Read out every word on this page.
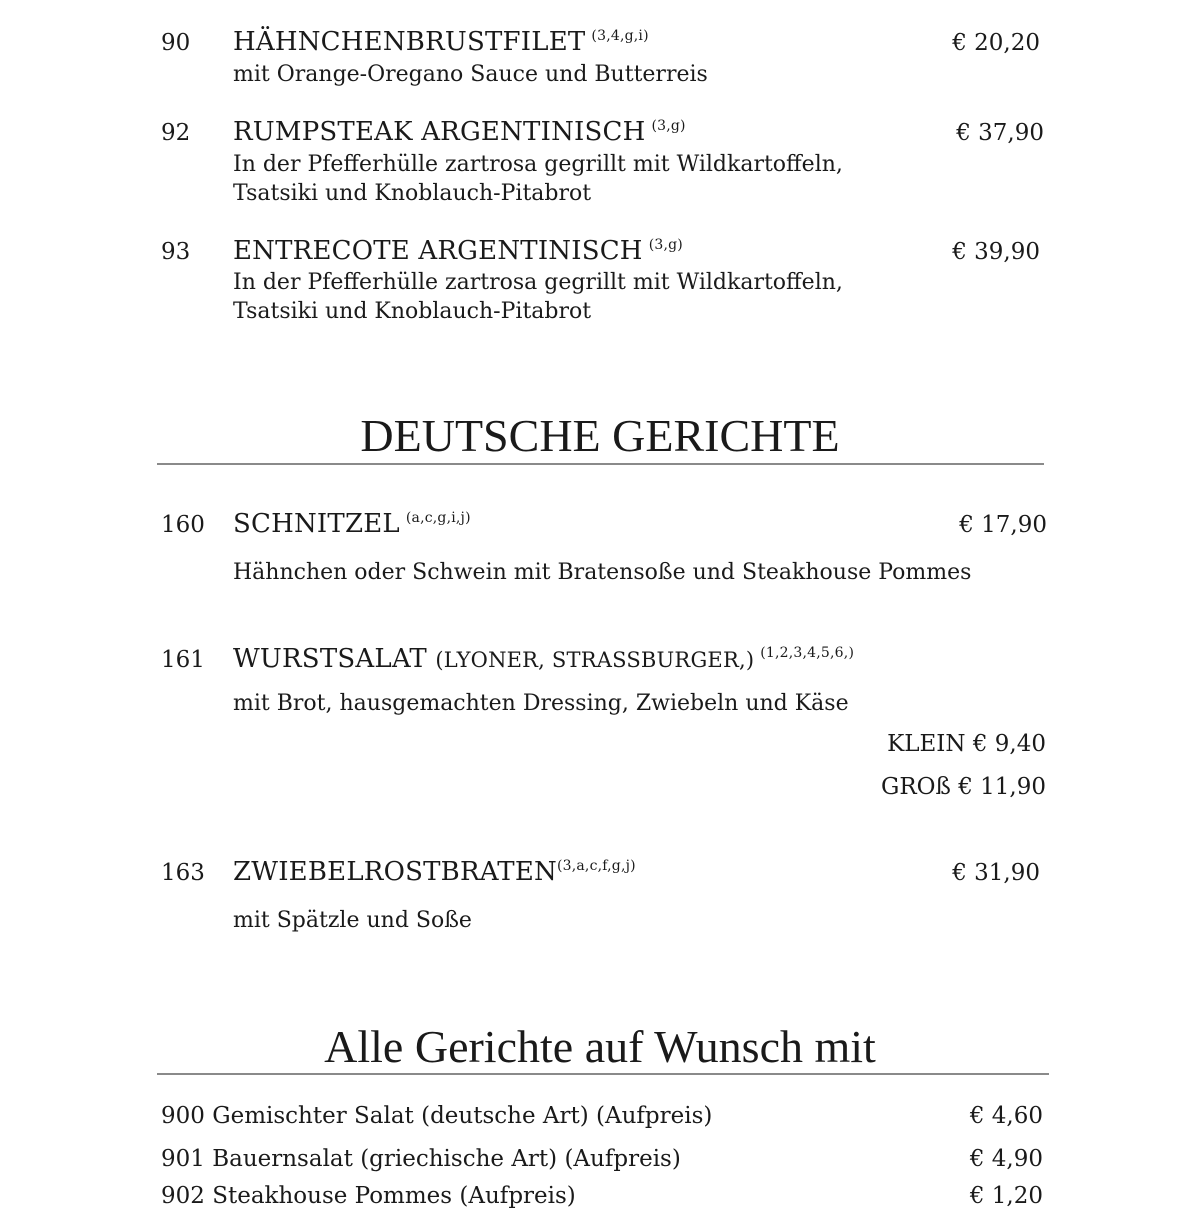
90 HÄHNCHENBRUSTFILET $^{(3,4,g,i)}$	€ 20,20
mit Orange-Oregano Sauce und Butterreis
92 RUMPSTEAK ARGENTINISCH $^{(3,g)}$	€ 37,90
In der Pfefferhülle zartrosa gegrillt mit Wildkartoffeln,
Tsatsiki und Knoblauch-Pitabrot
93 ENTRECOTE ARGENTINISCH $^{(3,g)}$	€ 39,90
In der Pfefferhülle zartrosa gegrillt mit Wildkartoffeln,
Tsatsiki und Knoblauch-Pitabrot
DEUTSCHE GERICHTE
160 SCHNITZEL $^{(a,c,g,i,j)}$	€ 17,90
Hähnchen oder Schwein mit Bratensoße und Steakhouse Pommes
161 WURSTSALAT (LYONER, STRASSBURGER,) $^{(1,2,3,4,5,6,)}$
mit Brot, hausgemachten Dressing, Zwiebeln und Käse
KLEIN € 9,40
GROß € 11,90
163 ZWIEBELROSTBRATEN$^{(3,a,c,f,g,j)}$	€ 31,90
mit Spätzle und Soße
Alle Gerichte auf Wunsch mit
900 Gemischter Salat (deutsche Art) (Aufpreis)	€ 4,60
901 Bauernsalat (griechische Art) (Aufpreis)	€ 4,90
902 Steakhouse Pommes (Aufpreis)	€ 1,20
